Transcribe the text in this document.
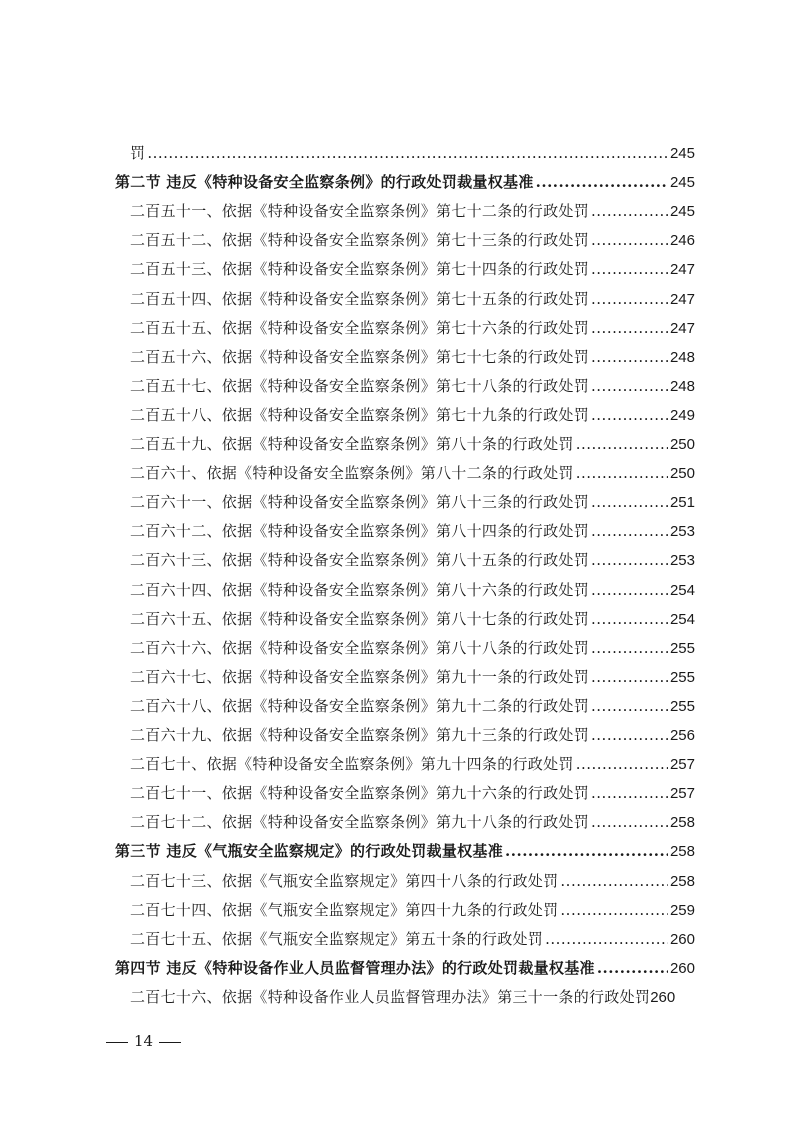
罚 .....	245
第二节 违反《特种设备安全监察条例》的行政处罚裁量权基准 .....	245
二百五十一、依据《特种设备安全监察条例》第七十二条的行政处罚 .....	245
二百五十二、依据《特种设备安全监察条例》第七十三条的行政处罚 .....	246
二百五十三、依据《特种设备安全监察条例》第七十四条的行政处罚 .....	247
二百五十四、依据《特种设备安全监察条例》第七十五条的行政处罚 .....	247
二百五十五、依据《特种设备安全监察条例》第七十六条的行政处罚 .....	247
二百五十六、依据《特种设备安全监察条例》第七十七条的行政处罚 .....	248
二百五十七、依据《特种设备安全监察条例》第七十八条的行政处罚 .....	248
二百五十八、依据《特种设备安全监察条例》第七十九条的行政处罚 .....	249
二百五十九、依据《特种设备安全监察条例》第八十条的行政处罚 .....	250
二百六十、依据《特种设备安全监察条例》第八十二条的行政处罚 .....	250
二百六十一、依据《特种设备安全监察条例》第八十三条的行政处罚 .....	251
二百六十二、依据《特种设备安全监察条例》第八十四条的行政处罚 .....	253
二百六十三、依据《特种设备安全监察条例》第八十五条的行政处罚 .....	253
二百六十四、依据《特种设备安全监察条例》第八十六条的行政处罚 .....	254
二百六十五、依据《特种设备安全监察条例》第八十七条的行政处罚 .....	254
二百六十六、依据《特种设备安全监察条例》第八十八条的行政处罚 .....	255
二百六十七、依据《特种设备安全监察条例》第九十一条的行政处罚 .....	255
二百六十八、依据《特种设备安全监察条例》第九十二条的行政处罚 .....	255
二百六十九、依据《特种设备安全监察条例》第九十三条的行政处罚 .....	256
二百七十、依据《特种设备安全监察条例》第九十四条的行政处罚 .....	257
二百七十一、依据《特种设备安全监察条例》第九十六条的行政处罚 .....	257
二百七十二、依据《特种设备安全监察条例》第九十八条的行政处罚 .....	258
第三节 违反《气瓶安全监察规定》的行政处罚裁量权基准 .....	258
二百七十三、依据《气瓶安全监察规定》第四十八条的行政处罚 .....	258
二百七十四、依据《气瓶安全监察规定》第四十九条的行政处罚 .....	259
二百七十五、依据《气瓶安全监察规定》第五十条的行政处罚 .....	260
第四节 违反《特种设备作业人员监督管理办法》的行政处罚裁量权基准 .....	260
二百七十六、依据《特种设备作业人员监督管理办法》第三十一条的行政处罚 260
14
